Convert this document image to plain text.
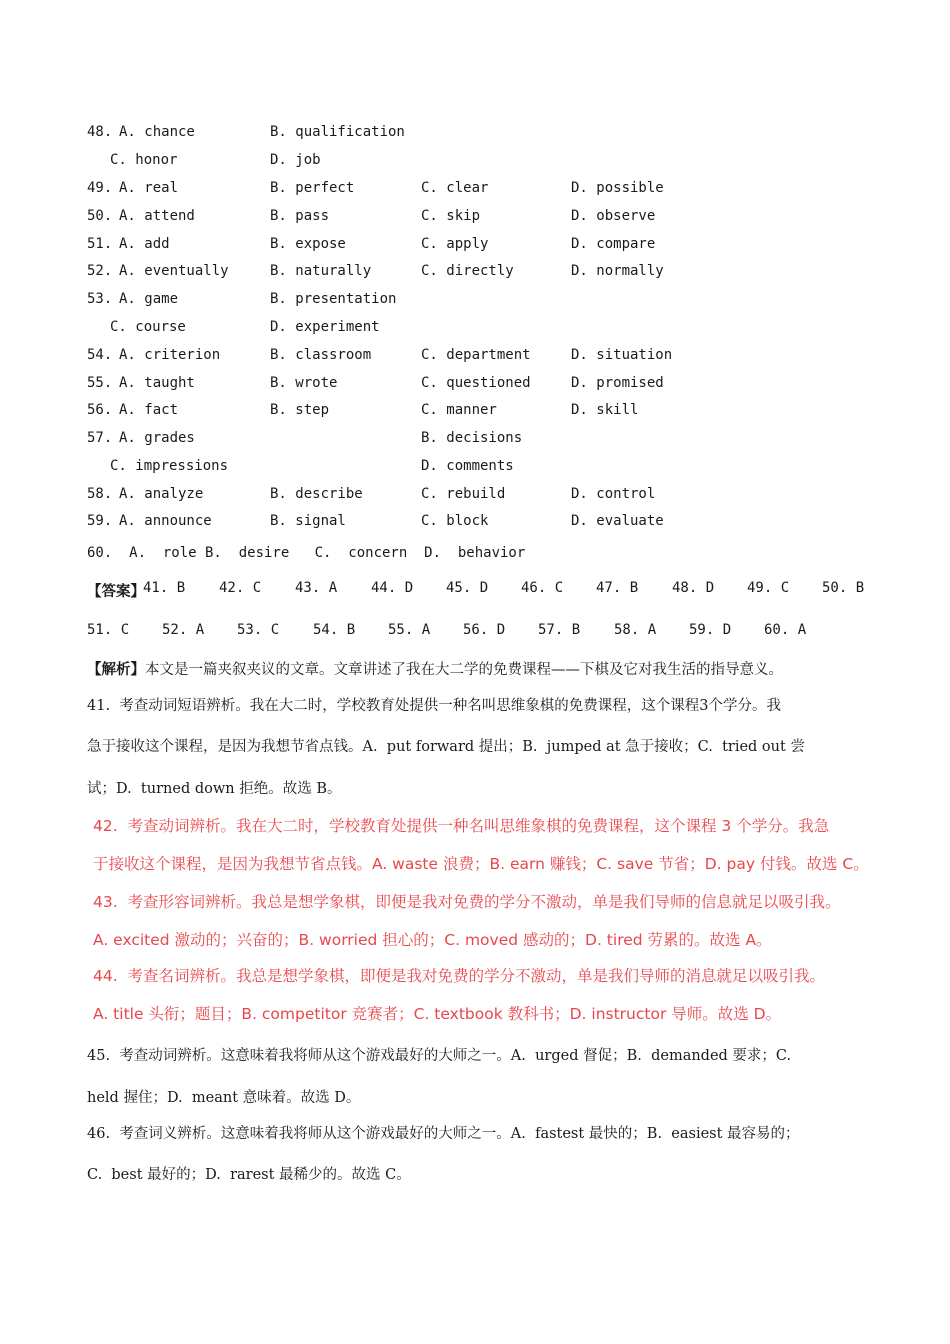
48. A. chance	B. qualification
C. honor	D. job
49. A. real	B. perfect	C. clear	D. possible
50. A. attend	B. pass	C. skip	D. observe
51. A. add	B. expose	C. apply	D. compare
52. A. eventually	B. naturally	C. directly	D. normally
53. A. game	B. presentation
C. course	D. experiment
54. A. criterion	B. classroom	C. department	D. situation
55. A. taught	B. wrote	C. questioned	D. promised
56. A. fact	B. step	C. manner	D. skill
57. A. grades	B. decisions
C. impressions	D. comments
58. A. analyze	B. describe	C. rebuild	D. control
59. A. announce	B. signal	C. block	D. evaluate
60.  A.  role B.  desire   C.  concern  D.  behavior
【答案】
41. B 42. C 43. A 44. D 45. D 46. C 47. B 48. D 49. C 50. B
51. C 52. A 53. C 54. B 55. A 56. D 57. B 58. A 59. D 60. A
【解析】本文是一篇夹叙夹议的文章。文章讲述了我在大二学的免费课程——下棋及它对我生活的指导意义。
41.  考查动词短语辨析。我在大二时，学校教育处提供一种名叫思维象棋的免费课程，这个课程3个学分。我
急于接收这个课程，是因为我想节省点钱。A.  put forward 提出；B.  jumped at 急于接收；C.  tried out 尝
试；D.  turned down 拒绝。故选 B。
42.  考查动词辨析。我在大二时，学校教育处提供一种名叫思维象棋的免费课程，这个课程 3 个学分。我急
于接收这个课程，是因为我想节省点钱。A. waste 浪费；B. earn 赚钱；C. save 节省；D. pay 付钱。故选 C。
43.  考查形容词辨析。我总是想学象棋，即便是我对免费的学分不激动，单是我们导师的信息就足以吸引我。
A. excited 激动的；兴奋的；B. worried 担心的；C. moved 感动的；D. tired 劳累的。故选 A。
44.  考查名词辨析。我总是想学象棋，即便是我对免费的学分不激动，单是我们导师的消息就足以吸引我。
A. title 头衔；题目；B. competitor 竞赛者；C. textbook 教科书；D. instructor 导师。故选 D。
45.  考查动词辨析。这意味着我将师从这个游戏最好的大师之一。A.  urged 督促；B.  demanded 要求；C.
held 握住；D.  meant 意味着。故选 D。
46.  考查词义辨析。这意味着我将师从这个游戏最好的大师之一。A.  fastest 最快的；B.  easiest 最容易的；
C.  best 最好的；D.  rarest 最稀少的。故选 C。
